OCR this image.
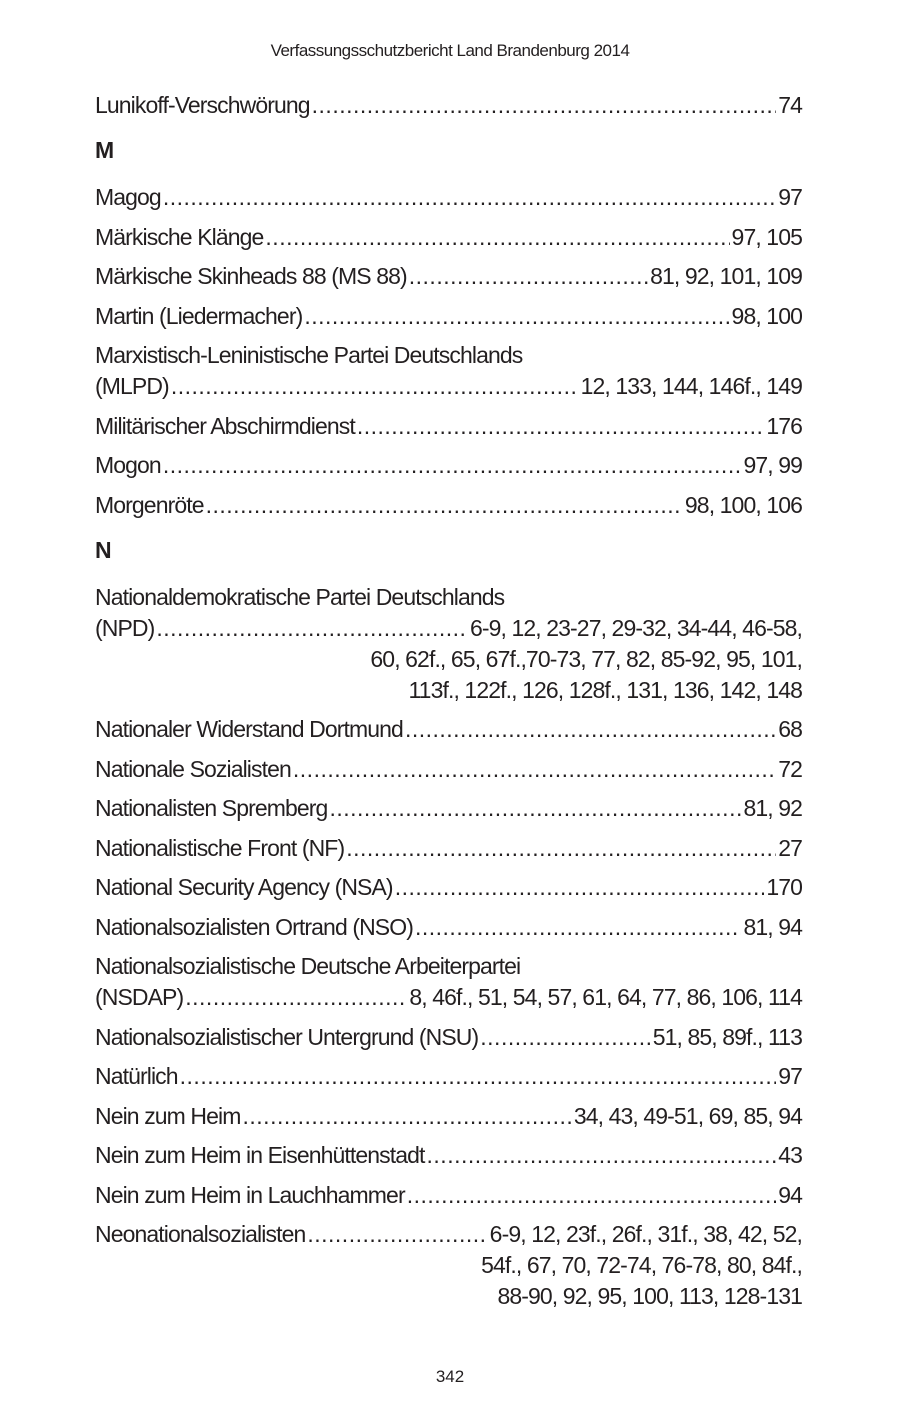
Verfassungsschutzbericht Land Brandenburg 2014
Lunikoff-Verschwörung .....	74
M
Magog .....	97
Märkische Klänge .....	97, 105
Märkische Skinheads 88 (MS 88) .....	81, 92, 101, 109
Martin (Liedermacher) .....	98, 100
Marxistisch-Leninistische Partei Deutschlands
(MLPD) .....	12, 133, 144, 146f., 149
Militärischer Abschirmdienst .....	176
Mogon .....	97, 99
Morgenröte .....	98, 100, 106
N
Nationaldemokratische Partei Deutschlands
(NPD) .....	6-9, 12, 23-27, 29-32, 34-44, 46-58,
60, 62f., 65, 67f.,70-73, 77, 82, 85-92, 95, 101,
113f., 122f., 126, 128f., 131, 136, 142, 148
Nationaler Widerstand Dortmund .....	68
Nationale Sozialisten .....	72
Nationalisten Spremberg .....	81, 92
Nationalistische Front (NF) .....	27
National Security Agency (NSA) .....	170
Nationalsozialisten Ortrand (NSO) .....	81, 94
Nationalsozialistische Deutsche Arbeiterpartei
(NSDAP) .....	8, 46f., 51, 54, 57, 61, 64, 77, 86, 106, 114
Nationalsozialistischer Untergrund (NSU) .....	51, 85, 89f., 113
Natürlich .....	97
Nein zum Heim .....	34, 43, 49-51, 69, 85, 94
Nein zum Heim in Eisenhüttenstadt .....	43
Nein zum Heim in Lauchhammer .....	94
Neonationalsozialisten .....	6-9, 12, 23f., 26f., 31f., 38, 42, 52,
54f., 67, 70, 72-74, 76-78, 80, 84f.,
88-90, 92, 95, 100, 113, 128-131
342
